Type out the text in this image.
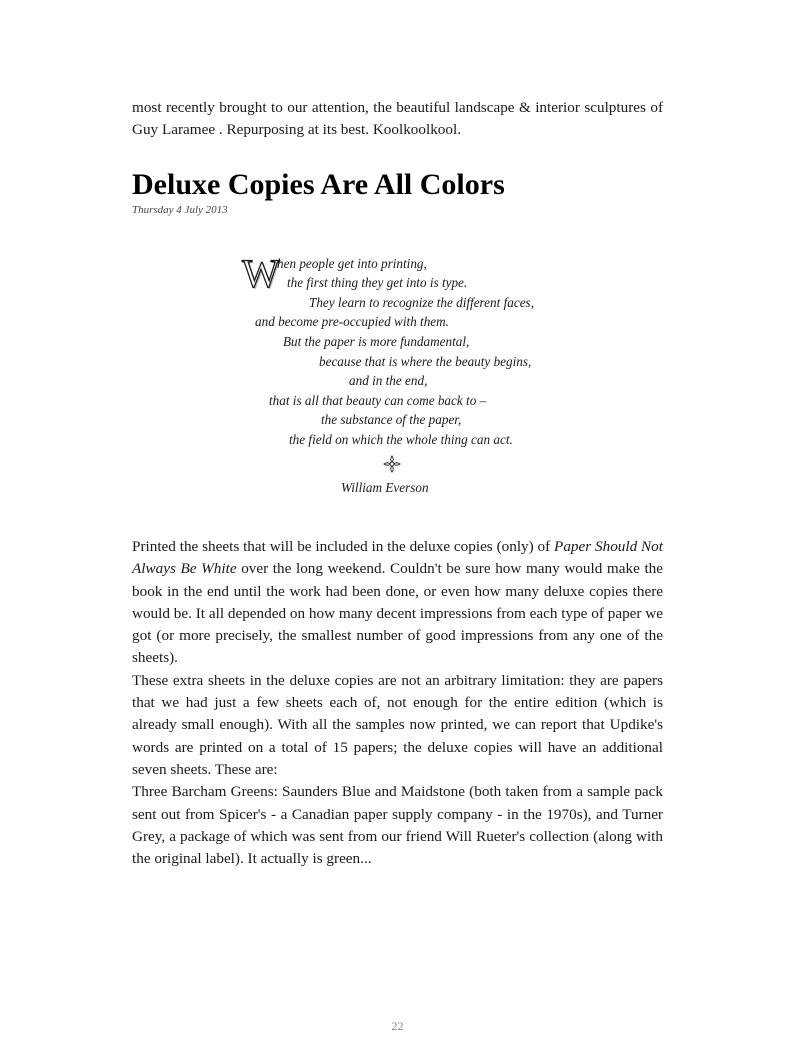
most recently brought to our attention, the beautiful landscape & interior sculptures of Guy Laramee . Repurposing at its best. Koolkoolkool.

Deluxe Copies Are All Colors
Thursday 4 July 2013
W
hen people get into printing,
the first thing they get into is type.
They learn to recognize the different faces,
and become pre-occupied with them.
But the paper is more fundamental,
because that is where the beauty begins,
and in the end,
that is all that beauty can come back to –
the substance of the paper,
the field on which the whole thing can act.
William Everson

Printed the sheets that will be included in the deluxe copies (only) of Paper Should Not Always Be White over the long weekend. Couldn't be sure how many would make the book in the end until the work had been done, or even how many deluxe copies there would be. It all depended on how many decent impressions from each type of paper we got (or more precisely, the smallest number of good impressions from any one of the sheets).

These extra sheets in the deluxe copies are not an arbitrary limitation: they are papers that we had just a few sheets each of, not enough for the entire edition (which is already small enough). With all the samples now printed, we can report that Updike's words are printed on a total of 15 papers; the deluxe copies will have an additional seven sheets. These are:

Three Barcham Greens: Saunders Blue and Maidstone (both taken from a sample pack sent out from Spicer's - a Canadian paper supply company - in the 1970s), and Turner Grey, a package of which was sent from our friend Will Rueter's collection (along with the original label). It actually is green...

22
